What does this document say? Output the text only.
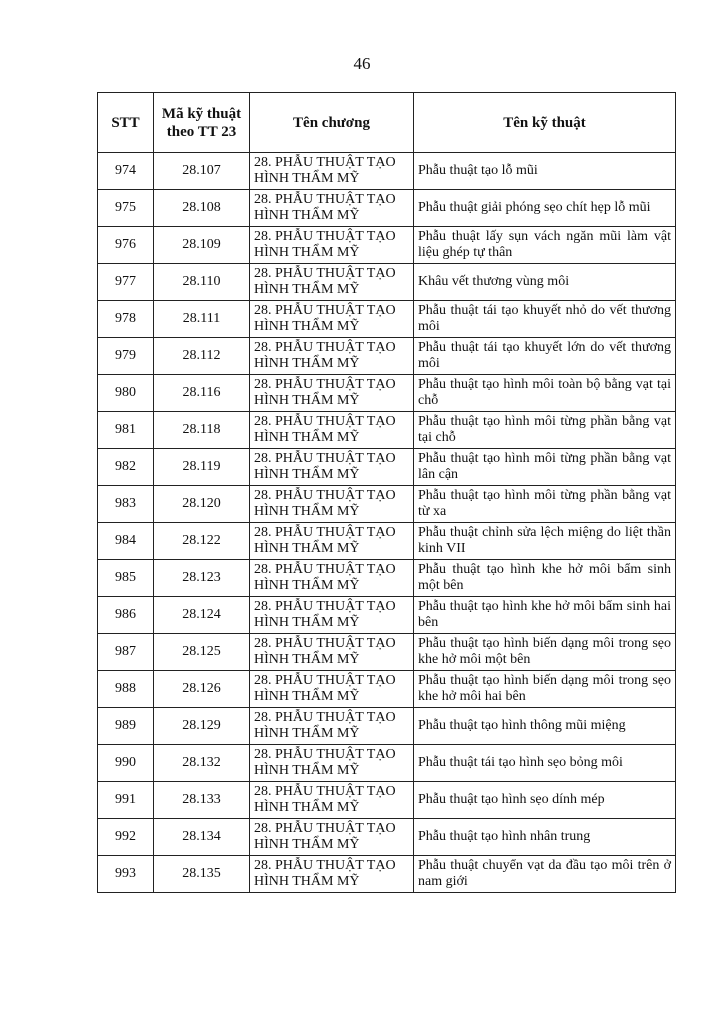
46
STT	Mã kỹ thuật theo TT 23	Tên chương	Tên kỹ thuật
974	28.107	28. PHẪU THUẬT TẠO HÌNH THẨM MỸ	Phẫu thuật tạo lỗ mũi
975	28.108	28. PHẪU THUẬT TẠO HÌNH THẨM MỸ	Phẫu thuật giải phóng sẹo chít hẹp lỗ mũi
976	28.109	28. PHẪU THUẬT TẠO HÌNH THẨM MỸ	Phẫu thuật lấy sụn vách ngăn mũi làm vật liệu ghép tự thân
977	28.110	28. PHẪU THUẬT TẠO HÌNH THẨM MỸ	Khâu vết thương vùng môi
978	28.111	28. PHẪU THUẬT TẠO HÌNH THẨM MỸ	Phẫu thuật tái tạo khuyết nhỏ do vết thương môi
979	28.112	28. PHẪU THUẬT TẠO HÌNH THẨM MỸ	Phẫu thuật tái tạo khuyết lớn do vết thương môi
980	28.116	28. PHẪU THUẬT TẠO HÌNH THẨM MỸ	Phẫu thuật tạo hình môi toàn bộ bằng vạt tại chỗ
981	28.118	28. PHẪU THUẬT TẠO HÌNH THẨM MỸ	Phẫu thuật tạo hình môi từng phần bằng vạt tại chỗ
982	28.119	28. PHẪU THUẬT TẠO HÌNH THẨM MỸ	Phẫu thuật tạo hình môi từng phần bằng vạt lân cận
983	28.120	28. PHẪU THUẬT TẠO HÌNH THẨM MỸ	Phẫu thuật tạo hình môi từng phần bằng vạt từ xa
984	28.122	28. PHẪU THUẬT TẠO HÌNH THẨM MỸ	Phẫu thuật chỉnh sửa lệch miệng do liệt thần kinh VII
985	28.123	28. PHẪU THUẬT TẠO HÌNH THẨM MỸ	Phẫu thuật tạo hình khe hở môi bẩm sinh một bên
986	28.124	28. PHẪU THUẬT TẠO HÌNH THẨM MỸ	Phẫu thuật tạo hình khe hở môi bẩm sinh hai bên
987	28.125	28. PHẪU THUẬT TẠO HÌNH THẨM MỸ	Phẫu thuật tạo hình biến dạng môi trong sẹo khe hở môi một bên
988	28.126	28. PHẪU THUẬT TẠO HÌNH THẨM MỸ	Phẫu thuật tạo hình biến dạng môi trong sẹo khe hở môi hai bên
989	28.129	28. PHẪU THUẬT TẠO HÌNH THẨM MỸ	Phẫu thuật tạo hình thông mũi miệng
990	28.132	28. PHẪU THUẬT TẠO HÌNH THẨM MỸ	Phẫu thuật tái tạo hình sẹo bỏng môi
991	28.133	28. PHẪU THUẬT TẠO HÌNH THẨM MỸ	Phẫu thuật tạo hình sẹo dính mép
992	28.134	28. PHẪU THUẬT TẠO HÌNH THẨM MỸ	Phẫu thuật tạo hình nhân trung
993	28.135	28. PHẪU THUẬT TẠO HÌNH THẨM MỸ	Phẫu thuật chuyển vạt da đầu tạo môi trên ở nam giới
